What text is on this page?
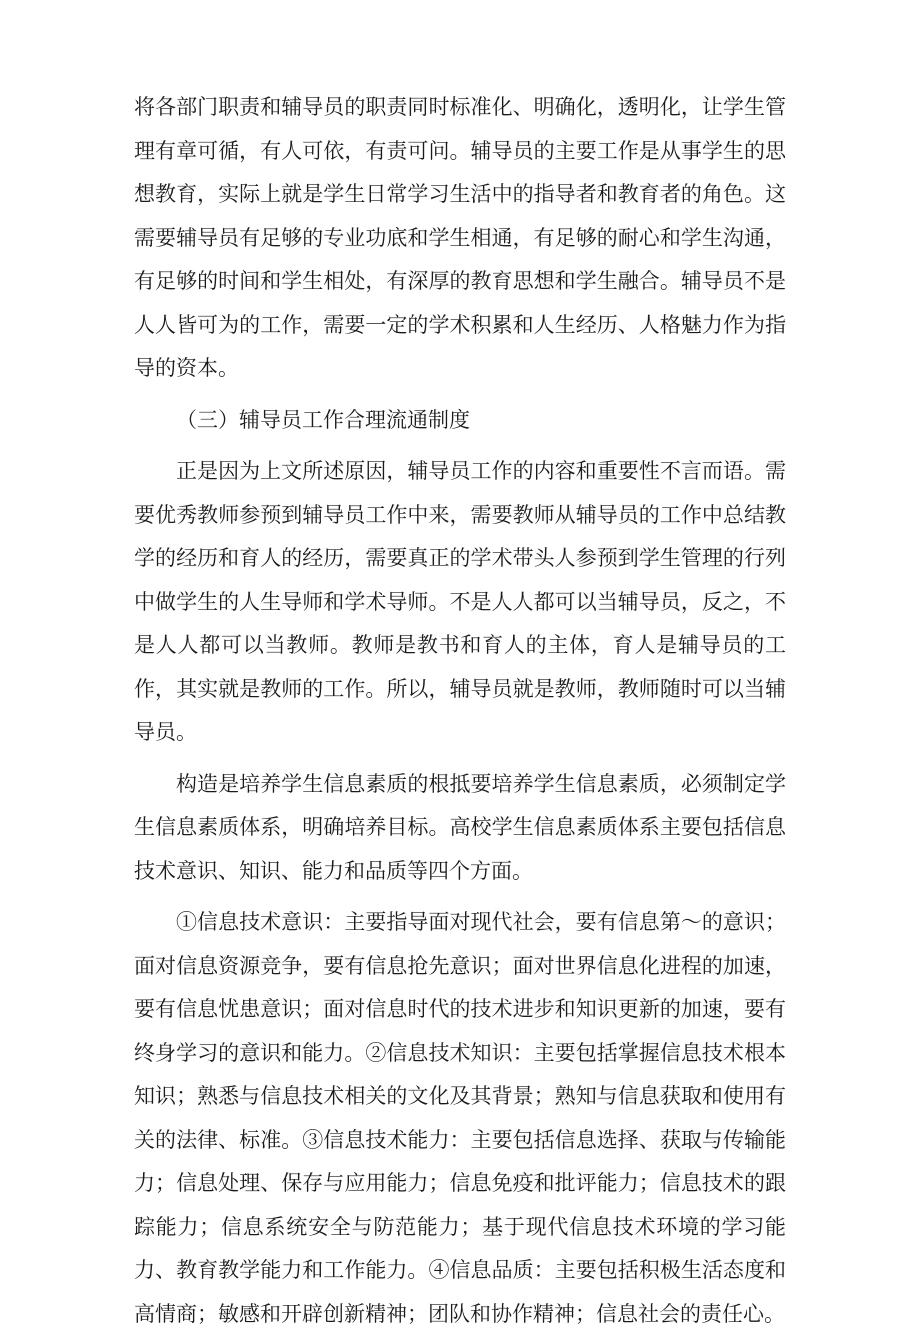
将各部门职责和辅导员的职责同时标准化、明确化，透明化，让学生管理有章可循，有人可依，有责可问。辅导员的主要工作是从事学生的思想教育，实际上就是学生日常学习生活中的指导者和教育者的角色。这需要辅导员有足够的专业功底和学生相通，有足够的耐心和学生沟通，有足够的时间和学生相处，有深厚的教育思想和学生融合。辅导员不是人人皆可为的工作，需要一定的学术积累和人生经历、人格魅力作为指导的资本。

（三）辅导员工作合理流通制度

正是因为上文所述原因，辅导员工作的内容和重要性不言而语。需要优秀教师参预到辅导员工作中来，需要教师从辅导员的工作中总结教学的经历和育人的经历，需要真正的学术带头人参预到学生管理的行列中做学生的人生导师和学术导师。不是人人都可以当辅导员，反之，不是人人都可以当教师。教师是教书和育人的主体，育人是辅导员的工作，其实就是教师的工作。所以，辅导员就是教师，教师随时可以当辅导员。

构造是培养学生信息素质的根抵要培养学生信息素质，必须制定学生信息素质体系，明确培养目标。高校学生信息素质体系主要包括信息技术意识、知识、能力和品质等四个方面。

①信息技术意识：主要指导面对现代社会，要有信息第～的意识；面对信息资源竞争，要有信息抢先意识；面对世界信息化进程的加速，要有信息忧患意识；面对信息时代的技术进步和知识更新的加速，要有终身学习的意识和能力。②信息技术知识：主要包括掌握信息技术根本知识；熟悉与信息技术相关的文化及其背景；熟知与信息获取和使用有关的法律、标准。③信息技术能力：主要包括信息选择、获取与传输能力；信息处理、保存与应用能力；信息免疫和批评能力；信息技术的跟踪能力；信息系统安全与防范能力；基于现代信息技术环境的学习能力、教育教学能力和工作能力。④信息品质：主要包括积极生活态度和高情商；敏感和开辟创新精神；团队和协作精神；信息社会的责任心。
